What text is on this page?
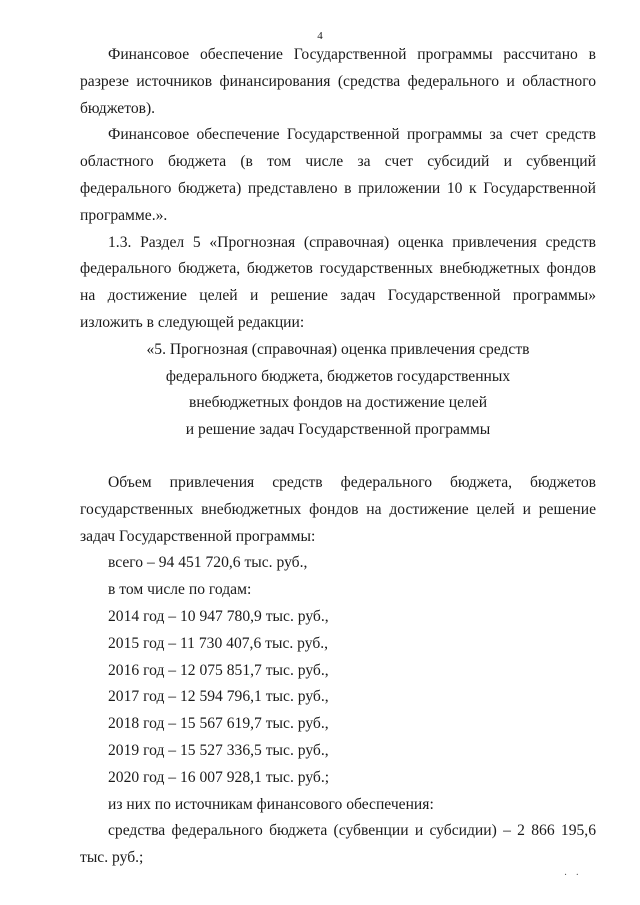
4

Финансовое обеспечение Государственной программы рассчитано в разрезе источников финансирования (средства федерального и областного бюджетов).

Финансовое обеспечение Государственной программы за счет средств областного бюджета (в том числе за счет субсидий и субвенций федерального бюджета) представлено в приложении 10 к Государственной программе.».

1.3. Раздел 5 «Прогнозная (справочная) оценка привлечения средств федерального бюджета, бюджетов государственных внебюджетных фондов на достижение целей и решение задач Государственной программы» изложить в следующей редакции:

«5. Прогнозная (справочная) оценка привлечения средств

федерального бюджета, бюджетов государственных

внебюджетных фондов на достижение целей

и решение задач Государственной программы

Объем привлечения средств федерального бюджета, бюджетов государственных внебюджетных фондов на достижение целей и решение задач Государственной программы:

всего – 94 451 720,6 тыс. руб.,

в том числе по годам:

2014 год – 10 947 780,9 тыс. руб.,

2015 год – 11 730 407,6 тыс. руб.,

2016 год – 12 075 851,7 тыс. руб.,

2017 год – 12 594 796,1 тыс. руб.,

2018 год – 15 567 619,7 тыс. руб.,

2019 год – 15 527 336,5 тыс. руб.,

2020 год – 16 007 928,1 тыс. руб.;

из них по источникам финансового обеспечения:

средства федерального бюджета (субвенции и субсидии) – 2 866 195,6 тыс. руб.;

· ·
